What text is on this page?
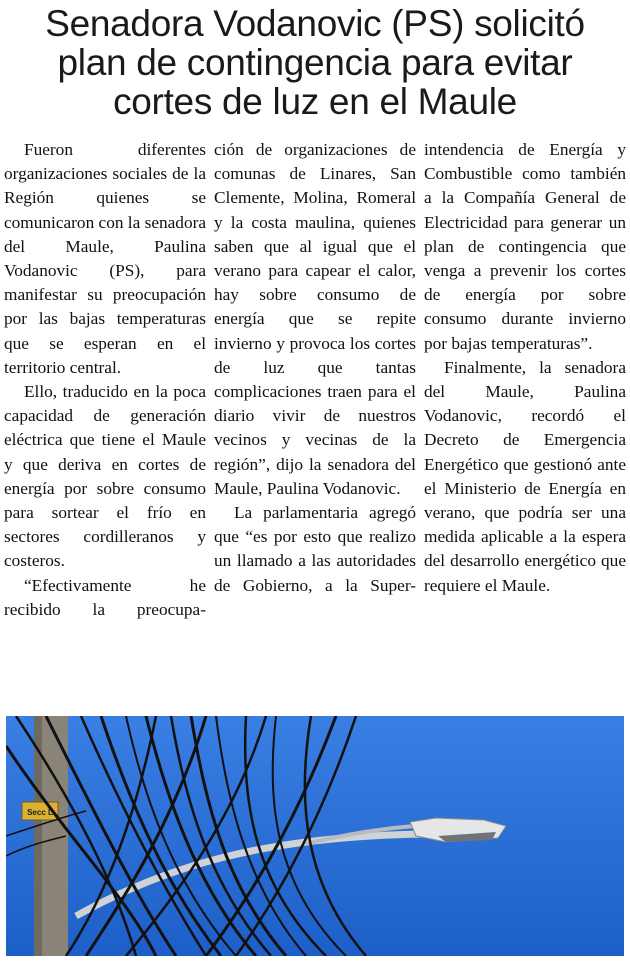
Senadora Vodanovic (PS) solicitó
plan de contingencia para evitar
cortes de luz en el Maule

Fueron diferentes organizaciones sociales de la Región quienes se comunicaron con la senadora del Maule, Paulina Vodanovic (PS), para manifestar su preocupación por las bajas temperaturas que se esperan en el territorio central.

Ello, traducido en la poca capacidad de generación eléctrica que tiene el Maule y que deriva en cortes de energía por sobre consumo para sortear el frío en sectores cordilleranos y costeros.

“Efectivamente he recibido la preocupa-

ción de organizaciones de comunas de Linares, San Clemente, Molina, Romeral y la costa maulina, quienes saben que al igual que el verano para capear el calor, hay sobre consumo de energía que se repite invierno y provoca los cortes de luz que tantas complicaciones traen para el diario vivir de nuestros vecinos y vecinas de la región”, dijo la senadora del Maule, Paulina Vodanovic.

La parlamentaria agregó que “es por esto que realizo un llamado a las autoridades de Gobierno, a la Super-

intendencia de Energía y Combustible como también a la Compañía General de Electricidad para generar un plan de contingencia que venga a prevenir los cortes de energía por sobre consumo durante invierno por bajas temperaturas”.

Finalmente, la senadora del Maule, Paulina Vodanovic, recordó el Decreto de Emergencia Energético que gestionó ante el Ministerio de Energía en verano, que podría ser una medida aplicable a la espera del desarrollo energético que requiere el Maule.

Secc L
